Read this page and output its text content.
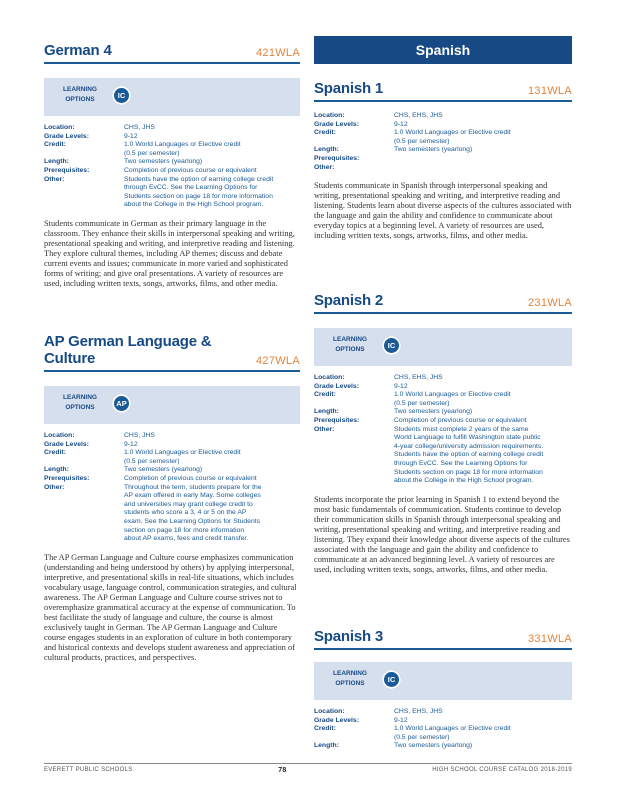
German 4	421WLA
LEARNING
OPTIONS	IC
Location:	CHS, JHS
Grade Levels:	9-12
Credit:	1.0 World Languages or Elective credit
(0.5 per semester)
Length:	Two semesters (yearlong)
Prerequisites:	Completion of previous course or equivalent
Other:	Students have the option of earning college credit
through EvCC. See the Learning Options for
Students section on page 18 for more information
about the College in the High School program.
Students communicate in German as their primary language in the classroom. They enhance their skills in interpersonal speaking and writing, presentational speaking and writing, and interpretive reading and listening. They explore cultural themes, including AP themes; discuss and debate current events and issues; communicate in more varied and sophisticated forms of writing; and give oral presentations. A variety of resources are used, including written texts, songs, artworks, films, and other media.
AP German Language & Culture	427WLA
LEARNING
OPTIONS	AP
Location:	CHS, JHS
Grade Levels:	9-12
Credit:	1.0 World Languages or Elective credit
(0.5 per semester)
Length:	Two semesters (yearlong)
Prerequisites:	Completion of previous course or equivalent
Other:	Throughout the term, students prepare for the
AP exam offered in early May. Some colleges
and universities may grant college credit to
students who score a 3, 4 or 5 on the AP
exam. See the Learning Options for Students
section on page 18 for more information
about AP exams, fees and credit transfer.
The AP German Language and Culture course emphasizes communication (understanding and being understood by others) by applying interpersonal, interpretive, and presentational skills in real-life situations, which includes vocabulary usage, language control, communication strategies, and cultural awareness. The AP German Language and Culture course strives not to overemphasize grammatical accuracy at the expense of communication. To best facilitate the study of language and culture, the course is almost exclusively taught in German. The AP German Language and Culture course engages students in an exploration of culture in both contemporary and historical contexts and develops student awareness and appreciation of cultural products, practices, and perspectives.
Spanish
Spanish 1	131WLA
Location:	CHS, EHS, JHS
Grade Levels:	9-12
Credit:	1.0 World Languages or Elective credit
(0.5 per semester)
Length:	Two semesters (yearlong)
Prerequisites:
Other:
Students communicate in Spanish through interpersonal speaking and writing, presentational speaking and writing, and interpretive reading and listening. Students learn about diverse aspects of the cultures associated with the language and gain the ability and confidence to communicate about everyday topics at a beginning level. A variety of resources are used, including written texts, songs, artworks, films, and other media.
Spanish 2	231WLA
LEARNING
OPTIONS	IC
Location:	CHS, EHS, JHS
Grade Levels:	9-12
Credit:	1.0 World Languages or Elective credit
(0.5 per semester)
Length:	Two semesters (yearlong)
Prerequisites:	Completion of previous course or equivalent
Other:	Students must complete 2 years of the same
World Language to fulfill Washington state public
4-year college/university admission requirements.
Students have the option of earning college credit
through EvCC. See the Learning Options for
Students section on page 18 for more information
about the College in the High School program.
Students incorporate the prior learning in Spanish 1 to extend beyond the most basic fundamentals of communication. Students continue to develop their communication skills in Spanish through interpersonal speaking and writing, presentational speaking and writing, and interpretive reading and listening. They expand their knowledge about diverse aspects of the cultures associated with the language and gain the ability and confidence to communicate at an advanced beginning level. A variety of resources are used, including written texts, songs, artworks, films, and other media.
Spanish 3	331WLA
LEARNING
OPTIONS	IC
Location:	CHS, EHS, JHS
Grade Levels:	9-12
Credit:	1.0 World Languages or Elective credit
(0.5 per semester)
Length:	Two semesters (yearlong)
EVERETT PUBLIC SCHOOLS	78	HIGH SCHOOL COURSE CATALOG 2018-2019
